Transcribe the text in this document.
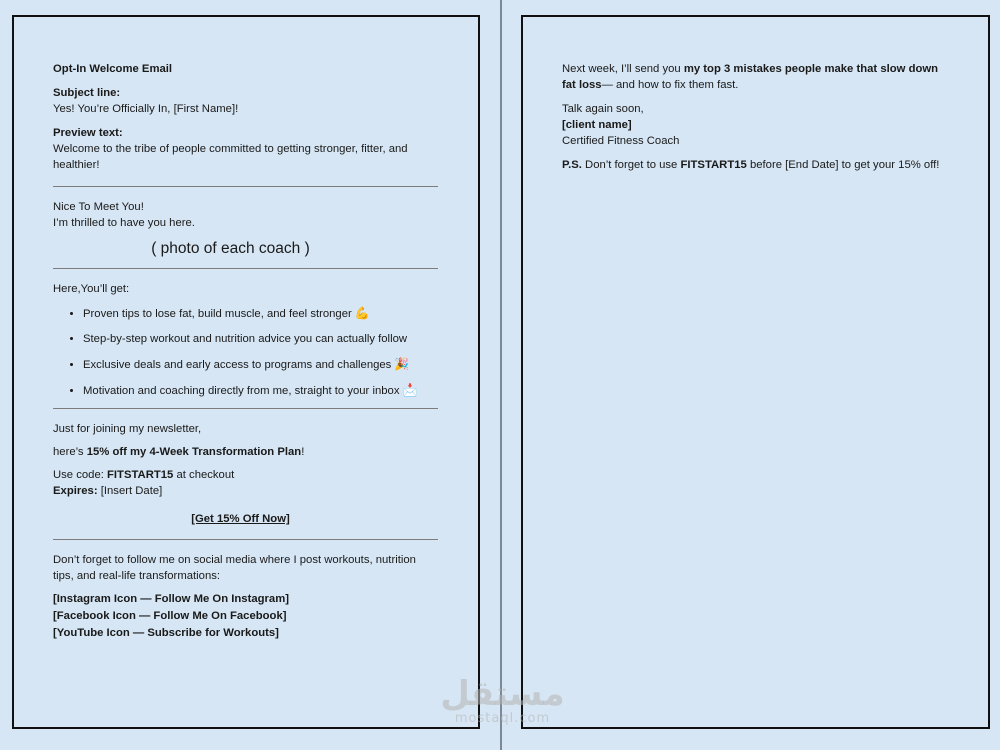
Opt-In Welcome Email

Subject line:

Yes! You’re Officially In, [First Name]!

Preview text:

Welcome to the tribe of people committed to getting stronger, fitter, and healthier!

Nice To Meet You!

I’m thrilled to have you here.

( photo of each coach )

Here,You’ll get:

• Proven tips to lose fat, build muscle, and feel stronger 💪
• Step-by-step workout and nutrition advice you can actually follow
• Exclusive deals and early access to programs and challenges 🎉
• Motivation and coaching directly from me, straight to your inbox 📩

Just for joining my newsletter,

here’s 15% off my 4-Week Transformation Plan!

Use code: FITSTART15 at checkout

Expires: [Insert Date]

[Get 15% Off Now]

Don’t forget to follow me on social media where I post workouts, nutrition tips, and real-life transformations:

[Instagram Icon — Follow Me On Instagram]
[Facebook Icon — Follow Me On Facebook]
[YouTube Icon — Subscribe for Workouts]

Next week, I’ll send you my top 3 mistakes people make that slow down fat loss— and how to fix them fast.

Talk again soon,

[client name]

Certified Fitness Coach

P.S. Don’t forget to use FITSTART15 before [End Date] to get your 15% off!

مستقل
mostaql.com
